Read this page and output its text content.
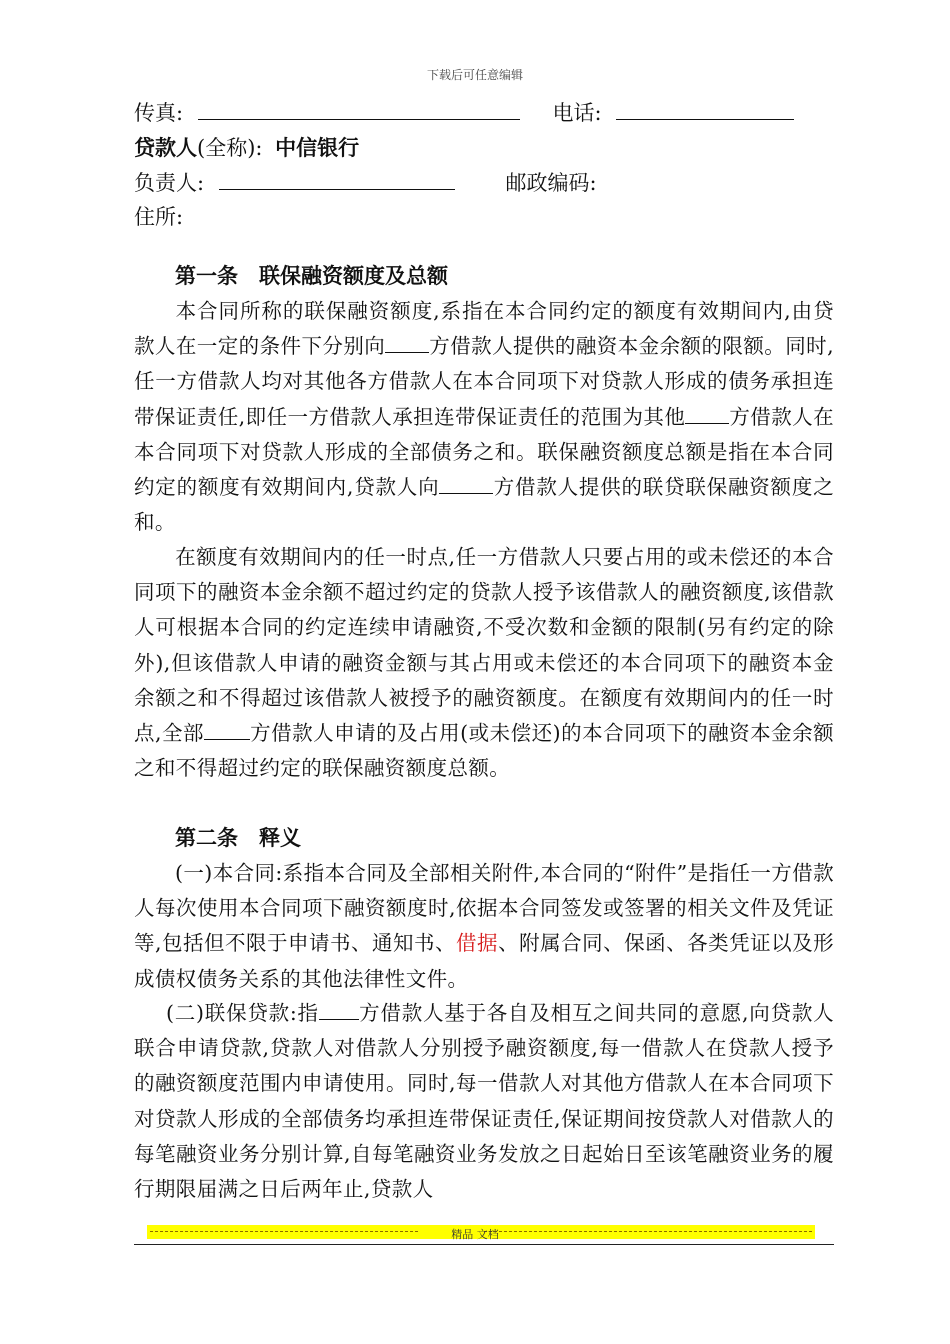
下载后可任意编辑
传真:	电话:
贷款人(全称): 中信银行
负责人:	邮政编码:
住所:
第一条　联保融资额度及总额
本合同所称的联保融资额度,系指在本合同约定的额度有效期间内,由贷款人在一定的条件下分别向 方借款人提供的融资本金余额的限额。同时,任一方借款人均对其他各方借款人在本合同项下对贷款人形成的债务承担连带保证责任,即任一方借款人承担连带保证责任的范围为其他 方借款人在本合同项下对贷款人形成的全部债务之和。联保融资额度总额是指在本合同约定的额度有效期间内,贷款人向	方借款人提供的联贷联保融资额度之和。
在额度有效期间内的任一时点,任一方借款人只要占用的或未偿还的本合同项下的融资本金余额不超过约定的贷款人授予该借款人的融资额度,该借款人可根据本合同的约定连续申请融资,不受次数和金额的限制(另有约定的除外),但该借款人申请的融资金额与其占用或未偿还的本合同项下的融资本金余额之和不得超过该借款人被授予的融资额度。在额度有效期间内的任一时点,全部 方借款人申请的及占用(或未偿还)的本合同项下的融资本金余额之和不得超过约定的联保融资额度总额。
第二条　释义
(一)本合同:系指本合同及全部相关附件,本合同的“附件”是指任一方借款人每次使用本合同项下融资额度时,依据本合同签发或签署的相关文件及凭证等,包括但不限于申请书、通知书、借据、附属合同、保函、各类凭证以及形成债权债务关系的其他法律性文件。
(二)联保贷款:指 方借款人基于各自及相互之间共同的意愿,向贷款人联合申请贷款,贷款人对借款人分别授予融资额度,每一借款人在贷款人授予的融资额度范围内申请使用。同时,每一借款人对其他方借款人在本合同项下对贷款人形成的全部债务均承担连带保证责任,保证期间按贷款人对借款人的每笔融资业务分别计算,自每笔融资业务发放之日起始日至该笔融资业务的履行期限届满之日后两年止,贷款人
精品 文档
